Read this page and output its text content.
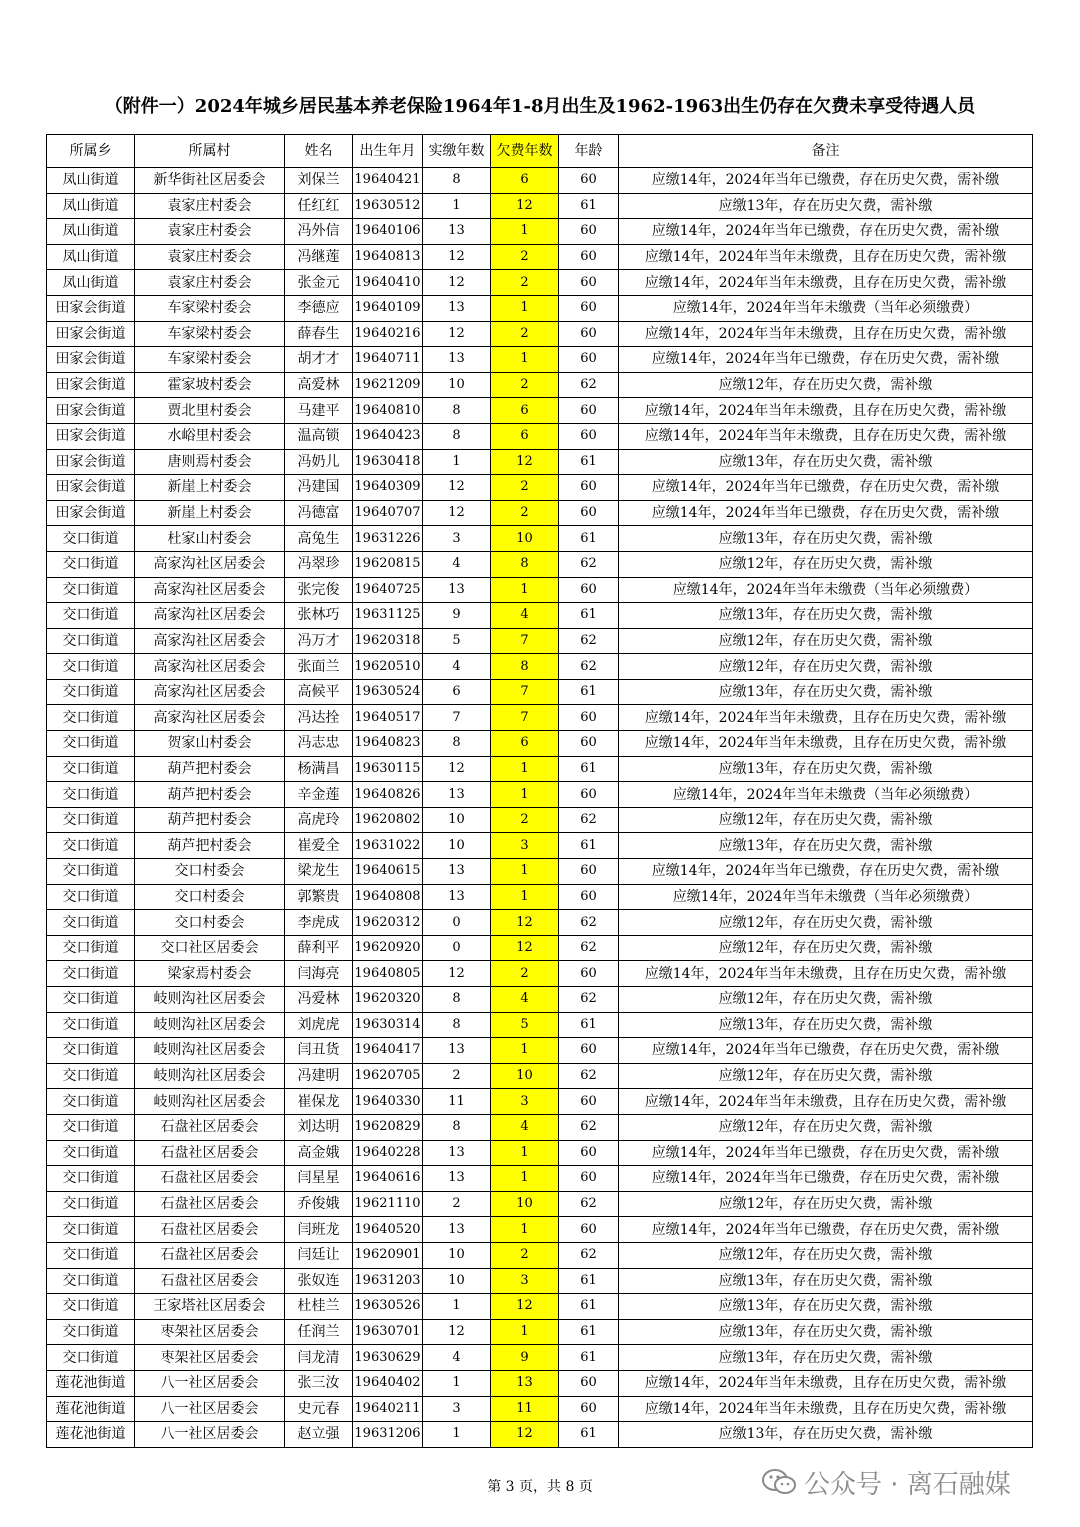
（附件一）2024年城乡居民基本养老保险1964年1-8月出生及1962-1963出生仍存在欠费未享受待遇人员
所属乡	所属村	姓名	出生年月	实缴年数	欠费年数	年龄	备注
凤山街道	新华街社区居委会	刘保兰	19640421	8	6	60	应缴14年，2024年当年已缴费，存在历史欠费，需补缴
凤山街道	袁家庄村委会	任红红	19630512	1	12	61	应缴13年，存在历史欠费，需补缴
凤山街道	袁家庄村委会	冯外信	19640106	13	1	60	应缴14年，2024年当年已缴费，存在历史欠费，需补缴
凤山街道	袁家庄村委会	冯继莲	19640813	12	2	60	应缴14年，2024年当年未缴费，且存在历史欠费，需补缴
凤山街道	袁家庄村委会	张金元	19640410	12	2	60	应缴14年，2024年当年未缴费，且存在历史欠费，需补缴
田家会街道	车家梁村委会	李德应	19640109	13	1	60	应缴14年，2024年当年未缴费（当年必须缴费）
田家会街道	车家梁村委会	薛春生	19640216	12	2	60	应缴14年，2024年当年未缴费，且存在历史欠费，需补缴
田家会街道	车家梁村委会	胡才才	19640711	13	1	60	应缴14年，2024年当年已缴费，存在历史欠费，需补缴
田家会街道	霍家坡村委会	高爱林	19621209	10	2	62	应缴12年，存在历史欠费，需补缴
田家会街道	贾北里村委会	马建平	19640810	8	6	60	应缴14年，2024年当年未缴费，且存在历史欠费，需补缴
田家会街道	水峪里村委会	温高锁	19640423	8	6	60	应缴14年，2024年当年未缴费，且存在历史欠费，需补缴
田家会街道	唐则焉村委会	冯奶儿	19630418	1	12	61	应缴13年，存在历史欠费，需补缴
田家会街道	新崖上村委会	冯建国	19640309	12	2	60	应缴14年，2024年当年已缴费，存在历史欠费，需补缴
田家会街道	新崖上村委会	冯德富	19640707	12	2	60	应缴14年，2024年当年已缴费，存在历史欠费，需补缴
交口街道	杜家山村委会	高兔生	19631226	3	10	61	应缴13年，存在历史欠费，需补缴
交口街道	高家沟社区居委会	冯翠珍	19620815	4	8	62	应缴12年，存在历史欠费，需补缴
交口街道	高家沟社区居委会	张完俊	19640725	13	1	60	应缴14年，2024年当年未缴费（当年必须缴费）
交口街道	高家沟社区居委会	张林巧	19631125	9	4	61	应缴13年，存在历史欠费，需补缴
交口街道	高家沟社区居委会	冯万才	19620318	5	7	62	应缴12年，存在历史欠费，需补缴
交口街道	高家沟社区居委会	张面兰	19620510	4	8	62	应缴12年，存在历史欠费，需补缴
交口街道	高家沟社区居委会	高候平	19630524	6	7	61	应缴13年，存在历史欠费，需补缴
交口街道	高家沟社区居委会	冯达拴	19640517	7	7	60	应缴14年，2024年当年未缴费，且存在历史欠费，需补缴
交口街道	贺家山村委会	冯志忠	19640823	8	6	60	应缴14年，2024年当年未缴费，且存在历史欠费，需补缴
交口街道	葫芦把村委会	杨满昌	19630115	12	1	61	应缴13年，存在历史欠费，需补缴
交口街道	葫芦把村委会	辛金莲	19640826	13	1	60	应缴14年，2024年当年未缴费（当年必须缴费）
交口街道	葫芦把村委会	高虎玲	19620802	10	2	62	应缴12年，存在历史欠费，需补缴
交口街道	葫芦把村委会	崔爱全	19631022	10	3	61	应缴13年，存在历史欠费，需补缴
交口街道	交口村委会	梁龙生	19640615	13	1	60	应缴14年，2024年当年已缴费，存在历史欠费，需补缴
交口街道	交口村委会	郭繁贵	19640808	13	1	60	应缴14年，2024年当年未缴费（当年必须缴费）
交口街道	交口村委会	李虎成	19620312	0	12	62	应缴12年，存在历史欠费，需补缴
交口街道	交口社区居委会	薛利平	19620920	0	12	62	应缴12年，存在历史欠费，需补缴
交口街道	梁家焉村委会	闫海亮	19640805	12	2	60	应缴14年，2024年当年未缴费，且存在历史欠费，需补缴
交口街道	岐则沟社区居委会	冯爱林	19620320	8	4	62	应缴12年，存在历史欠费，需补缴
交口街道	岐则沟社区居委会	刘虎虎	19630314	8	5	61	应缴13年，存在历史欠费，需补缴
交口街道	岐则沟社区居委会	闫丑货	19640417	13	1	60	应缴14年，2024年当年已缴费，存在历史欠费，需补缴
交口街道	岐则沟社区居委会	冯建明	19620705	2	10	62	应缴12年，存在历史欠费，需补缴
交口街道	岐则沟社区居委会	崔保龙	19640330	11	3	60	应缴14年，2024年当年未缴费，且存在历史欠费，需补缴
交口街道	石盘社区居委会	刘达明	19620829	8	4	62	应缴12年，存在历史欠费，需补缴
交口街道	石盘社区居委会	高金娥	19640228	13	1	60	应缴14年，2024年当年已缴费，存在历史欠费，需补缴
交口街道	石盘社区居委会	闫星星	19640616	13	1	60	应缴14年，2024年当年已缴费，存在历史欠费，需补缴
交口街道	石盘社区居委会	乔俊娥	19621110	2	10	62	应缴12年，存在历史欠费，需补缴
交口街道	石盘社区居委会	闫班龙	19640520	13	1	60	应缴14年，2024年当年已缴费，存在历史欠费，需补缴
交口街道	石盘社区居委会	闫廷让	19620901	10	2	62	应缴12年，存在历史欠费，需补缴
交口街道	石盘社区居委会	张奴连	19631203	10	3	61	应缴13年，存在历史欠费，需补缴
交口街道	王家塔社区居委会	杜桂兰	19630526	1	12	61	应缴13年，存在历史欠费，需补缴
交口街道	枣架社区居委会	任润兰	19630701	12	1	61	应缴13年，存在历史欠费，需补缴
交口街道	枣架社区居委会	闫龙清	19630629	4	9	61	应缴13年，存在历史欠费，需补缴
莲花池街道	八一社区居委会	张三汝	19640402	1	13	60	应缴14年，2024年当年未缴费，且存在历史欠费，需补缴
莲花池街道	八一社区居委会	史元春	19640211	3	11	60	应缴14年，2024年当年未缴费，且存在历史欠费，需补缴
莲花池街道	八一社区居委会	赵立强	19631206	1	12	61	应缴13年，存在历史欠费，需补缴
第 3 页，共 8 页	公众号 · 离石融媒
